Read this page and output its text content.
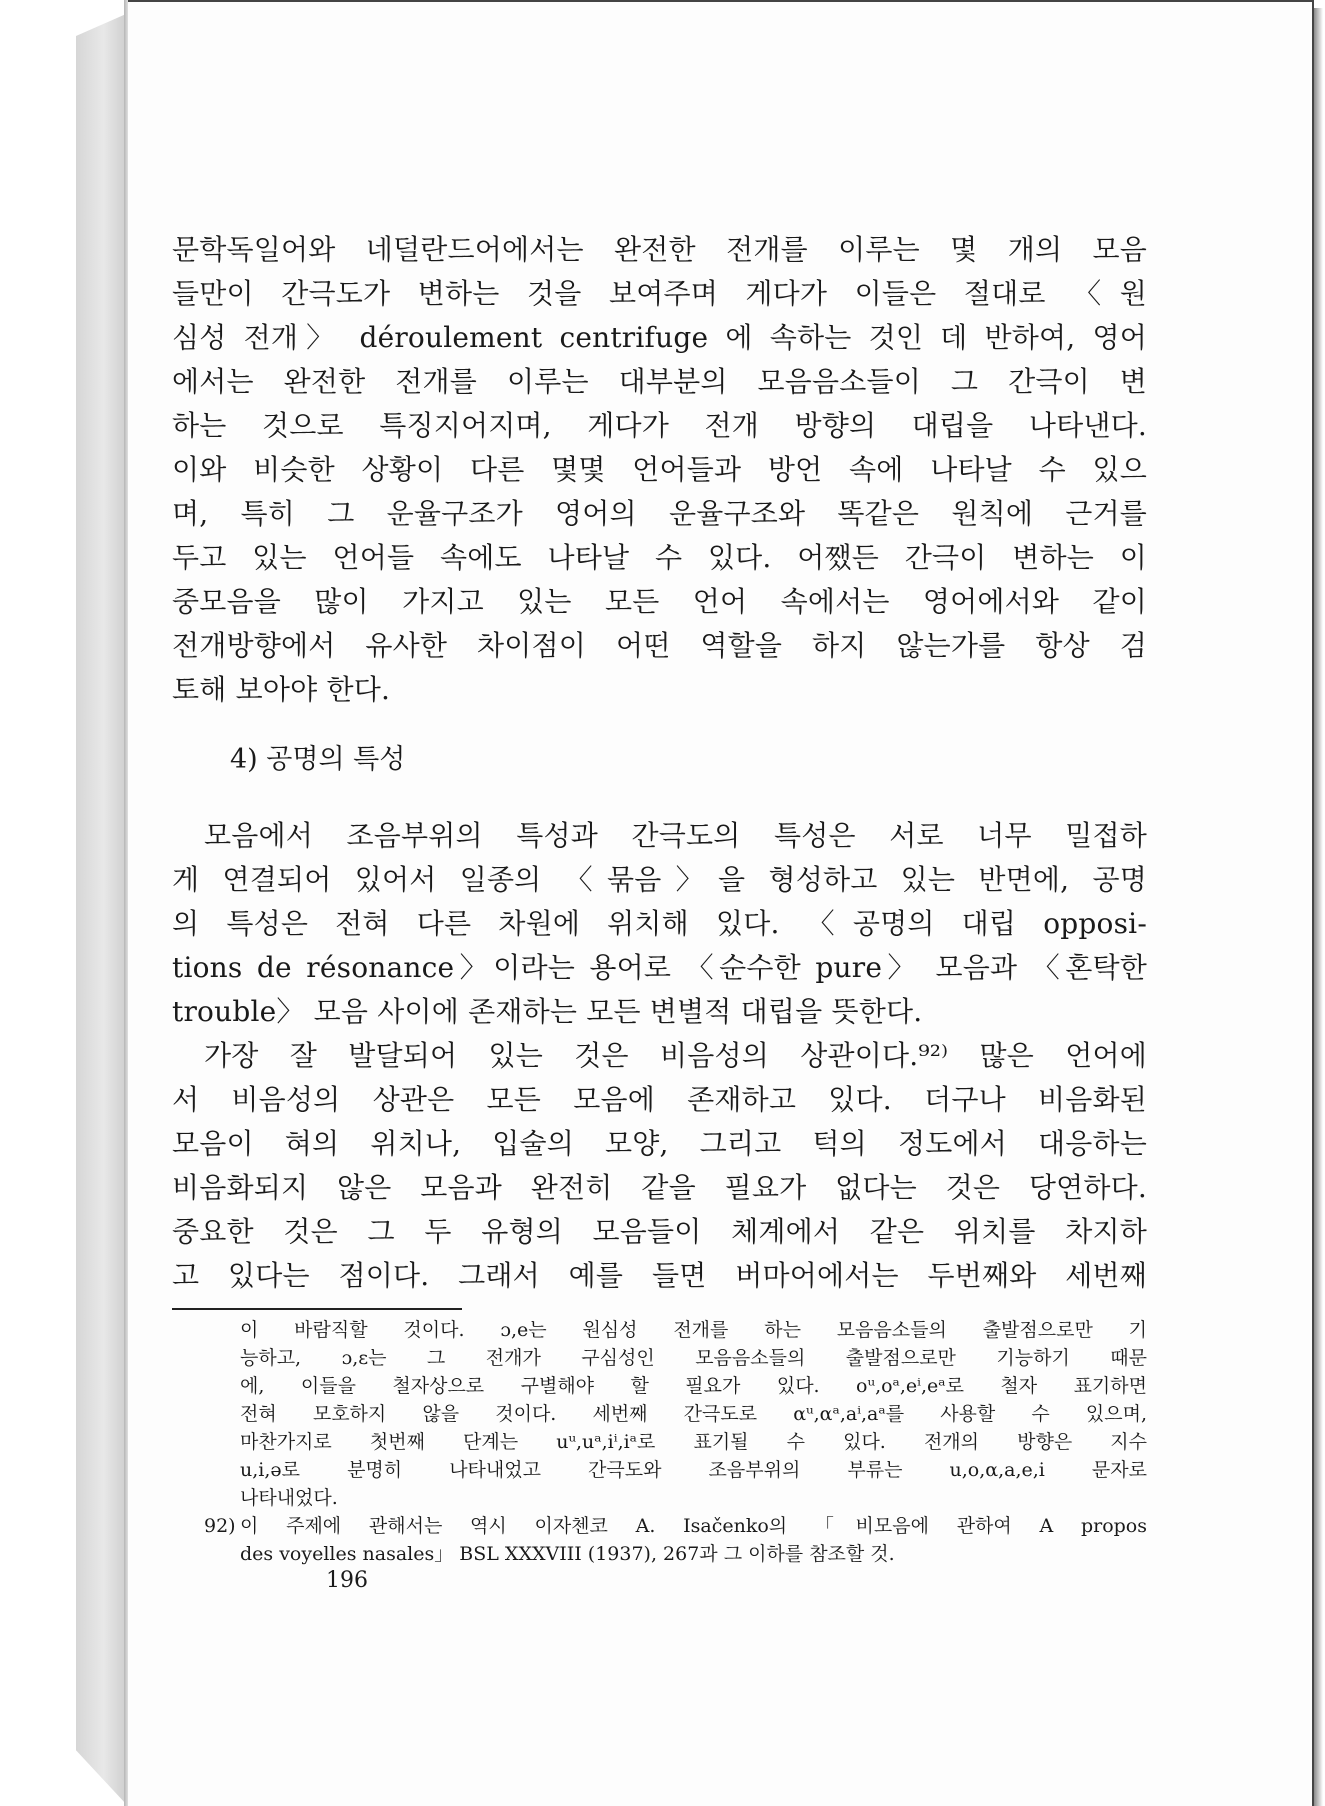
문학독일어와 네덜란드어에서는 완전한 전개를 이루는 몇 개의 모음
들만이 간극도가 변하는 것을 보여주며 게다가 이들은 절대로 〈원
심성 전개〉 déroulement centrifuge 에 속하는 것인 데 반하여, 영어
에서는 완전한 전개를 이루는 대부분의 모음음소들이 그 간극이 변
하는 것으로 특징지어지며, 게다가 전개 방향의 대립을 나타낸다.
이와 비슷한 상황이 다른 몇몇 언어들과 방언 속에 나타날 수 있으
며, 특히 그 운율구조가 영어의 운율구조와 똑같은 원칙에 근거를
두고 있는 언어들 속에도 나타날 수 있다. 어쨌든 간극이 변하는 이
중모음을 많이 가지고 있는 모든 언어 속에서는 영어에서와 같이
전개방향에서 유사한 차이점이 어떤 역할을 하지 않는가를 항상 검
토해 보아야 한다.
4) 공명의 특성
모음에서 조음부위의 특성과 간극도의 특성은 서로 너무 밀접하
게 연결되어 있어서 일종의 〈묶음〉을 형성하고 있는 반면에, 공명
의 특성은 전혀 다른 차원에 위치해 있다. 〈공명의 대립 opposi-
tions de résonance〉이라는 용어로 〈순수한 pure〉 모음과 〈혼탁한
trouble〉 모음 사이에 존재하는 모든 변별적 대립을 뜻한다.
가장 잘 발달되어 있는 것은 비음성의 상관이다.⁹²⁾ 많은 언어에
서 비음성의 상관은 모든 모음에 존재하고 있다. 더구나 비음화된
모음이 혀의 위치나, 입술의 모양, 그리고 턱의 정도에서 대응하는
비음화되지 않은 모음과 완전히 같을 필요가 없다는 것은 당연하다.
중요한 것은 그 두 유형의 모음들이 체계에서 같은 위치를 차지하
고 있다는 점이다. 그래서 예를 들면 버마어에서는 두번째와 세번째
이 바람직할 것이다. ɔ,e는 원심성 전개를 하는 모음음소들의 출발점으로만 기
능하고, ɔ,ɛ는 그 전개가 구심성인 모음음소들의 출발점으로만 기능하기 때문
에, 이들을 철자상으로 구별해야 할 필요가 있다. oᵘ,oᵃ,eⁱ,eᵃ로 철자 표기하면
전혀 모호하지 않을 것이다. 세번째 간극도로 αᵘ,αᵃ,aⁱ,aᵃ를 사용할 수 있으며,
마찬가지로 첫번째 단계는 uᵘ,uᵃ,iⁱ,iᵃ로 표기될 수 있다. 전개의 방향은 지수
u,i,ə로 분명히 나타내었고 간극도와 조음부위의 부류는 u,o,α,a,e,i 문자로
나타내었다.
92) 이 주제에 관해서는 역시 이자첸코 A. Isačenko의 「비모음에 관하여 A propos
des voyelles nasales」 BSL XXXVIII (1937), 267과 그 이하를 참조할 것.
196
